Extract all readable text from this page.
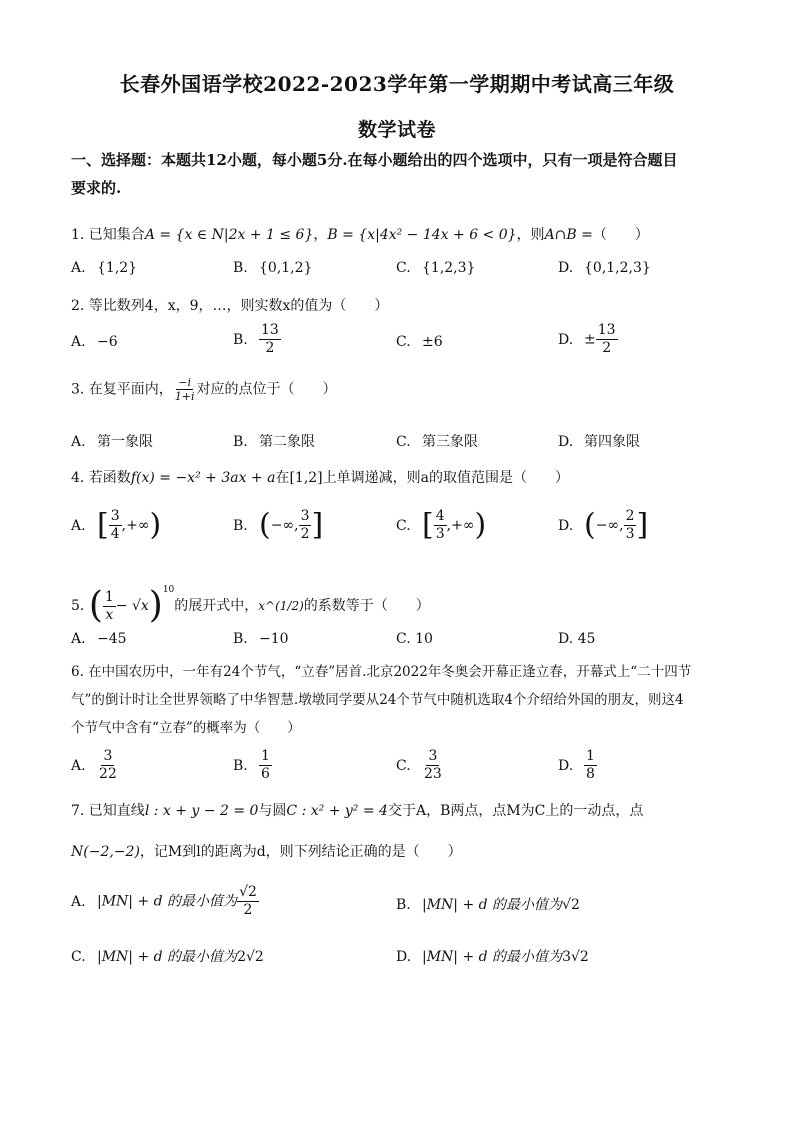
长春外国语学校2022-2023学年第一学期期中考试高三年级
数学试卷
一、选择题：本题共12小题，每小题5分.在每小题给出的四个选项中，只有一项是符合题目
要求的.
1. 已知集合A = {x ∈ N|2x + 1 ≤ 6}，B = {x|4x² − 14x + 6 < 0}，则A∩B =（　　）
A. {1,2}	B. {0,1,2}	C. {1,2,3}	D. {0,1,2,3}
2. 等比数列4，x，9，…，则实数x的值为（　　）
A. −6	B. $\frac{13}{2}$	C. ±6	D. ± $\frac{13}{2}$
3. 在复平面内， $\frac{-i}{1+i}$ 对应的点位于（　　）
A. 第一象限	B. 第二象限	C. 第三象限	D. 第四象限
4. 若函数f(x) = −x² + 3ax + a在[1,2]上单调递减，则a的取值范围是（　　）
A. [ $\frac{3}{4}$ ,+∞)	B. (−∞, $\frac{3}{2}$ ]	C. [ $\frac{4}{3}$ ,+∞)	D. (−∞, $\frac{2}{3}$ ]
5. ( $\frac{1}{x} - √x)^{10}$的展开式中，x^(1/2)的系数等于（　　）
A. −45	B. −10	C. 10	D. 45
6. 在中国农历中，一年有24个节气，“立春”居首.北京2022年冬奥会开幕正逢立春，开幕式上“二十四节
气”的倒计时让全世界领略了中华智慧.墩墩同学要从24个节气中随机选取4个介绍给外国的朋友，则这4
个节气中含有“立春”的概率为（　　）
A. $\frac{3}{22}$	B. $\frac{1}{6}$	C. $\frac{3}{23}$	D. $\frac{1}{8}$
7. 已知直线l : x + y − 2 = 0与圆C : x² + y² = 4交于A，B两点，点M为C上的一动点，点
N(−2,−2)，记M到l的距离为d，则下列结论正确的是（　　）
A. |MN| + d 的最小值为 $\frac{√2}{2}$	B. |MN| + d 的最小值为√2
C. |MN| + d 的最小值为2√2	D. |MN| + d 的最小值为3√2
